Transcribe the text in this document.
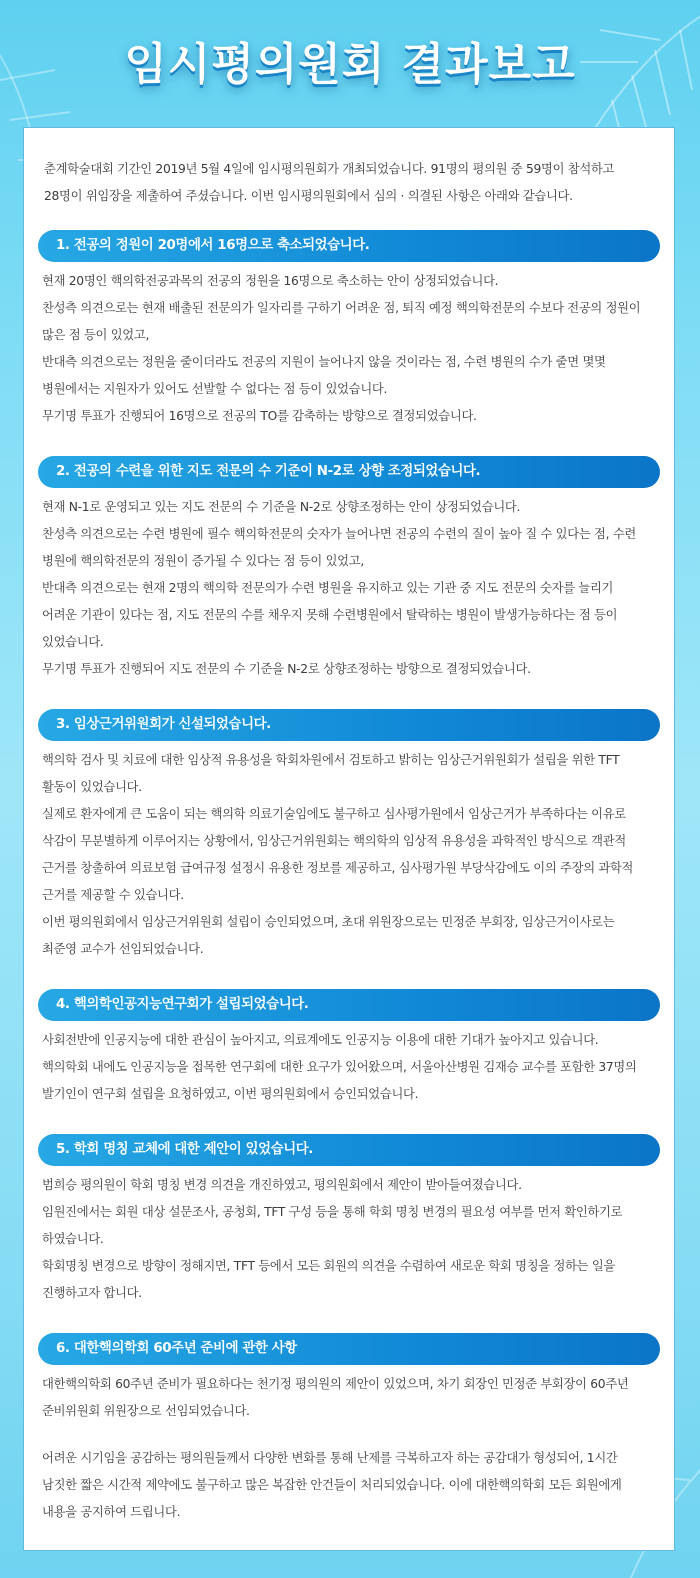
임시평의원회 결과보고

춘계학술대회 기간인 2019년 5월 4일에 임시평의원회가 개최되었습니다. 91명의 평의원 중 59명이 참석하고

28명이 위임장을 제출하여 주셨습니다. 이번 임시평의원회에서 심의 · 의결된 사항은 아래와 같습니다.

1. 전공의 정원이 20명에서 16명으로 축소되었습니다.

현재 20명인 핵의학전공과목의 전공의 정원을 16명으로 축소하는 안이 상정되었습니다.

찬성측 의견으로는 현재 배출된 전문의가 일자리를 구하기 어려운 점, 퇴직 예정 핵의학전문의 수보다 전공의 정원이

많은 점 등이 있었고,

반대측 의견으로는 정원을 줄이더라도 전공의 지원이 늘어나지 않을 것이라는 점, 수련 병원의 수가 줄면 몇몇

병원에서는 지원자가 있어도 선발할 수 없다는 점 등이 있었습니다.

무기명 투표가 진행되어 16명으로 전공의 TO를 감축하는 방향으로 결정되었습니다.

2. 전공의 수련을 위한 지도 전문의 수 기준이 N-2로 상향 조정되었습니다.

현재 N-1로 운영되고 있는 지도 전문의 수 기준을 N-2로 상향조정하는 안이 상정되었습니다.

찬성측 의견으로는 수련 병원에 필수 핵의학전문의 숫자가 늘어나면 전공의 수련의 질이 높아 질 수 있다는 점, 수련

병원에 핵의학전문의 정원이 증가될 수 있다는 점 등이 있었고,

반대측 의견으로는 현재 2명의 핵의학 전문의가 수련 병원을 유지하고 있는 기관 중 지도 전문의 숫자를 늘리기

어려운 기관이 있다는 점, 지도 전문의 수를 채우지 못해 수련병원에서 탈락하는 병원이 발생가능하다는 점 등이

있었습니다.

무기명 투표가 진행되어 지도 전문의 수 기준을 N-2로 상향조정하는 방향으로 결정되었습니다.

3. 임상근거위원회가 신설되었습니다.

핵의학 검사 및 치료에 대한 임상적 유용성을 학회차원에서 검토하고 밝히는 임상근거위원회가 설립을 위한 TFT

활동이 있었습니다.

실제로 환자에게 큰 도움이 되는 핵의학 의료기술임에도 불구하고 심사평가원에서 임상근거가 부족하다는 이유로

삭감이 무분별하게 이루어지는 상황에서, 임상근거위원회는 핵의학의 임상적 유용성을 과학적인 방식으로 객관적

근거를 창출하여 의료보험 급여규정 설정시 유용한 정보를 제공하고, 심사평가원 부당삭감에도 이의 주장의 과학적

근거를 제공할 수 있습니다.

이번 평의원회에서 임상근거위원회 설립이 승인되었으며, 초대 위원장으로는 민정준 부회장, 임상근거이사로는

최준영 교수가 선임되었습니다.

4. 핵의학인공지능연구회가 설립되었습니다.

사회전반에 인공지능에 대한 관심이 높아지고, 의료계에도 인공지능 이용에 대한 기대가 높아지고 있습니다.

핵의학회 내에도 인공지능을 접목한 연구회에 대한 요구가 있어왔으며, 서울아산병원 김재승 교수를 포함한 37명의

발기인이 연구회 설립을 요청하였고, 이번 평의원회에서 승인되었습니다.

5. 학회 명칭 교체에 대한 제안이 있었습니다.

범희승 평의원이 학회 명칭 변경 의견을 개진하였고, 평의원회에서 제안이 받아들여졌습니다.

임원진에서는 회원 대상 설문조사, 공청회, TFT 구성 등을 통해 학회 명칭 변경의 필요성 여부를 먼저 확인하기로

하였습니다.

학회명칭 변경으로 방향이 정해지면, TFT 등에서 모든 회원의 의견을 수렴하여 새로운 학회 명칭을 정하는 일을

진행하고자 합니다.

6. 대한핵의학회 60주년 준비에 관한 사항

대한핵의학회 60주년 준비가 필요하다는 천기정 평의원의 제안이 있었으며, 차기 회장인 민정준 부회장이 60주년

준비위원회 위원장으로 선임되었습니다.

어려운 시기임을 공감하는 평의원들께서 다양한 변화를 통해 난제를 극복하고자 하는 공감대가 형성되어, 1시간

남짓한 짧은 시간적 제약에도 불구하고 많은 복잡한 안건들이 처리되었습니다. 이에 대한핵의학회 모든 회원에게

내용을 공지하여 드립니다.
